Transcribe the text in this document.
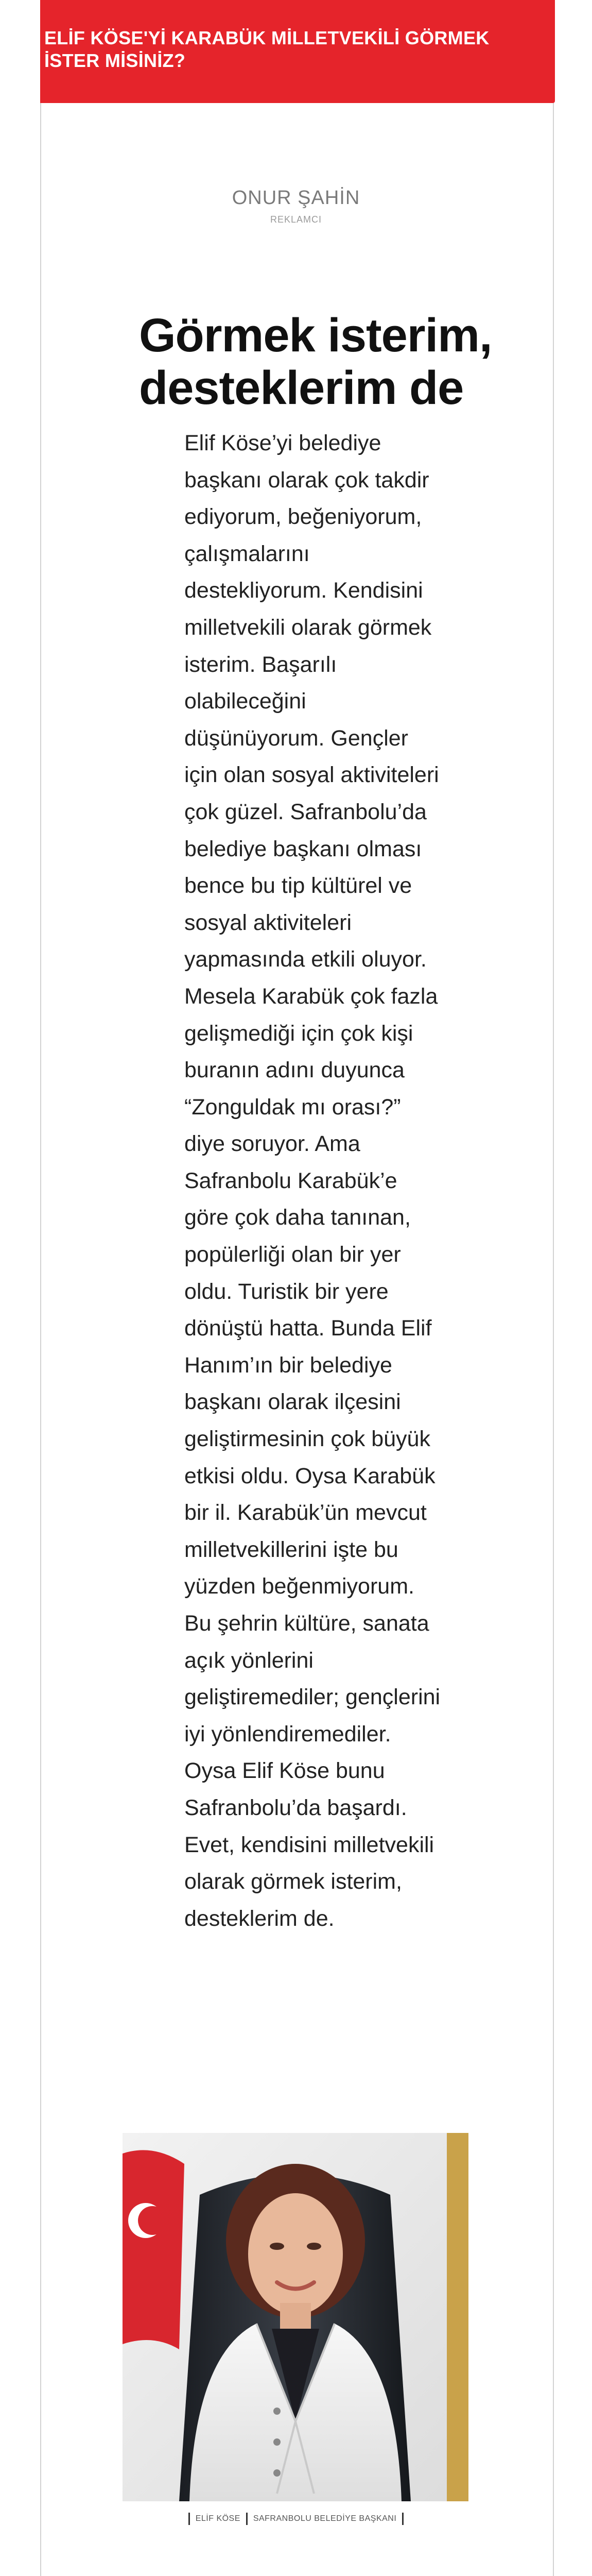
ELİF KÖSE'Yİ KARABÜK MİLLETVEKİLİ GÖRMEK İSTER MİSİNİZ?
ONUR ŞAHİN
REKLAMCI
Görmek isterim,
desteklerim de
Elif Köse’yi belediye başkanı olarak çok takdir ediyorum, beğeniyorum, çalışmalarını destekliyorum. Kendisini milletvekili olarak görmek isterim. Başarılı olabileceğini düşünüyorum. Gençler için olan sosyal aktiviteleri çok güzel. Safranbolu’da belediye başkanı olması bence bu tip kültürel ve sosyal aktiviteleri yapmasında etkili oluyor. Mesela Karabük çok fazla gelişmediği için çok kişi buranın adını duyunca “Zonguldak mı orası?” diye soruyor. Ama Safranbolu Karabük’e göre çok daha tanınan, popülerliği olan bir yer oldu. Turistik bir yere dönüştü hatta. Bunda Elif Hanım’ın bir belediye başkanı olarak ilçesini geliştirmesinin çok büyük etkisi oldu. Oysa Karabük bir il. Karabük’ün mevcut milletvekillerini işte bu yüzden beğenmiyorum. Bu şehrin kültüre, sanata açık yönlerini geliştiremediler; gençlerini iyi yönlendiremediler. Oysa Elif Köse bunu Safranbolu’da başardı. Evet, kendisini milletvekili olarak görmek isterim, desteklerim de.
ELİF KÖSE SAFRANBOLU BELEDİYE BAŞKANI
